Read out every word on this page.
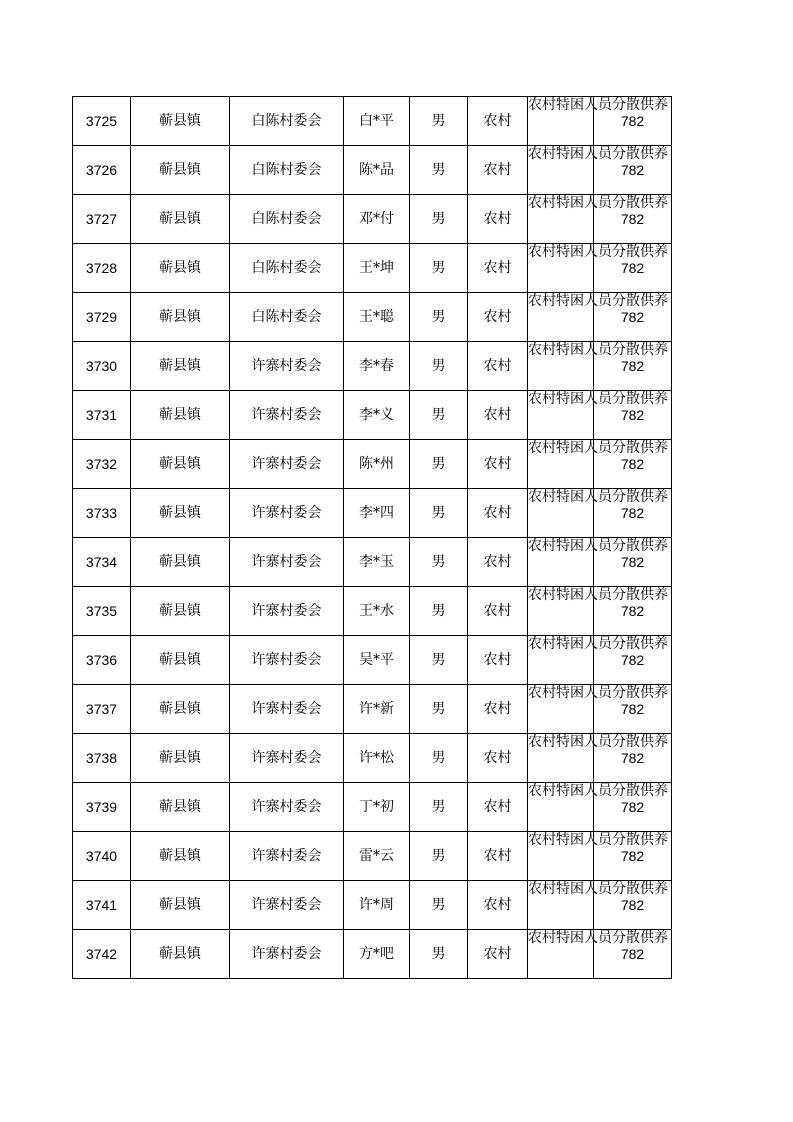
3725	蕲县镇	白陈村委会	白*平	男	农村	农村特困人员分散供养	782
3726	蕲县镇	白陈村委会	陈*品	男	农村	农村特困人员分散供养	782
3727	蕲县镇	白陈村委会	邓*付	男	农村	农村特困人员分散供养	782
3728	蕲县镇	白陈村委会	王*坤	男	农村	农村特困人员分散供养	782
3729	蕲县镇	白陈村委会	王*聪	男	农村	农村特困人员分散供养	782
3730	蕲县镇	许寨村委会	李*春	男	农村	农村特困人员分散供养	782
3731	蕲县镇	许寨村委会	李*义	男	农村	农村特困人员分散供养	782
3732	蕲县镇	许寨村委会	陈*州	男	农村	农村特困人员分散供养	782
3733	蕲县镇	许寨村委会	李*四	男	农村	农村特困人员分散供养	782
3734	蕲县镇	许寨村委会	李*玉	男	农村	农村特困人员分散供养	782
3735	蕲县镇	许寨村委会	王*水	男	农村	农村特困人员分散供养	782
3736	蕲县镇	许寨村委会	吴*平	男	农村	农村特困人员分散供养	782
3737	蕲县镇	许寨村委会	许*新	男	农村	农村特困人员分散供养	782
3738	蕲县镇	许寨村委会	许*松	男	农村	农村特困人员分散供养	782
3739	蕲县镇	许寨村委会	丁*初	男	农村	农村特困人员分散供养	782
3740	蕲县镇	许寨村委会	雷*云	男	农村	农村特困人员分散供养	782
3741	蕲县镇	许寨村委会	许*周	男	农村	农村特困人员分散供养	782
3742	蕲县镇	许寨村委会	方*吧	男	农村	农村特困人员分散供养	782
